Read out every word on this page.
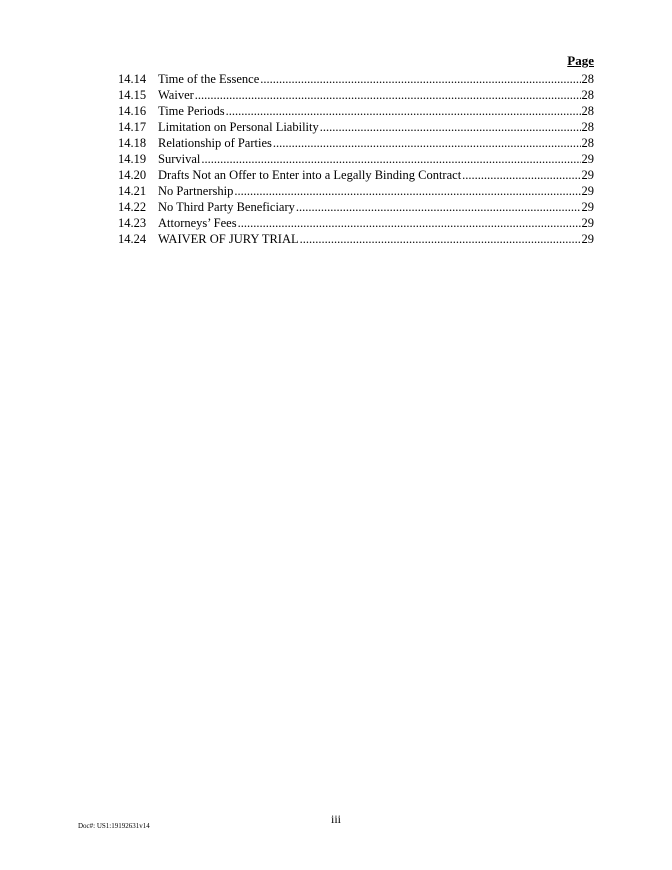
Page
14.14 Time of the Essence .....	28
14.15 Waiver .....	28
14.16 Time Periods .....	28
14.17 Limitation on Personal Liability .....	28
14.18 Relationship of Parties .....	28
14.19 Survival .....	29
14.20 Drafts Not an Offer to Enter into a Legally Binding Contract .....	29
14.21 No Partnership .....	29
14.22 No Third Party Beneficiary .....	29
14.23 Attorneys’ Fees .....	29
14.24 WAIVER OF JURY TRIAL .....	29
iii
Doc#: US1:19192631v14
